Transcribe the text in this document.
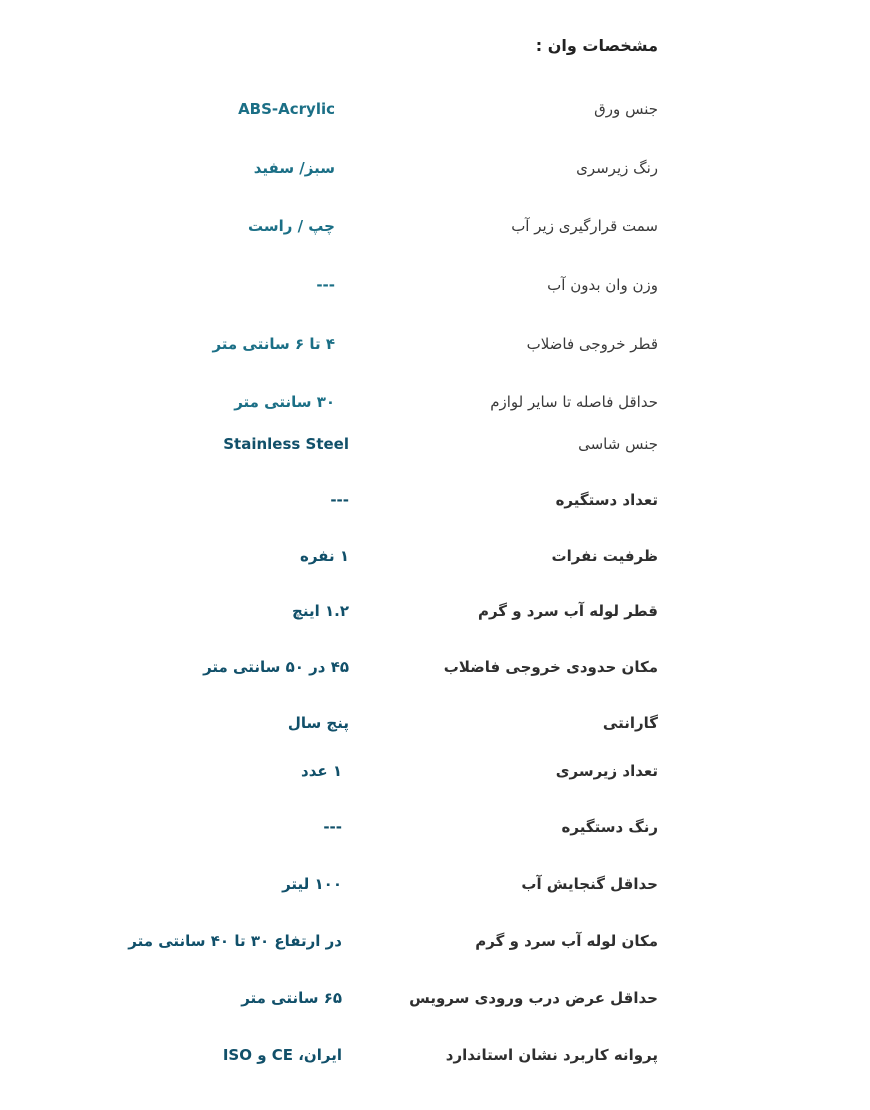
مشخصات وان :
جنس ورق
ABS-Acrylic
رنگ زیرسری
سبز/ سفید
سمت قرارگیری زیر آب
چپ / راست
وزن وان بدون آب
---
قطر خروجی فاضلاب
۴ تا ۶ سانتی متر
حداقل فاصله تا سایر لوازم
۳۰ سانتی متر
جنس شاسی
Stainless Steel
تعداد دستگیره
---
ظرفیت نفرات
۱ نفره
قطر لوله آب سرد و گرم
۱.۲ اینچ
مکان حدودی خروجی فاضلاب
۴۵ در ۵۰ سانتی متر
گارانتی
پنج سال
تعداد زیرسری
۱ عدد
رنگ دستگیره
---
حداقل گنجایش آب
۱۰۰ لیتر
مکان لوله آب سرد و گرم
در ارتفاع ۳۰ تا ۴۰ سانتی متر
حداقل عرض درب ورودی سرویس
۶۵ سانتی متر
پروانه کاربرد نشان استاندارد
ایران، CE و ISO
